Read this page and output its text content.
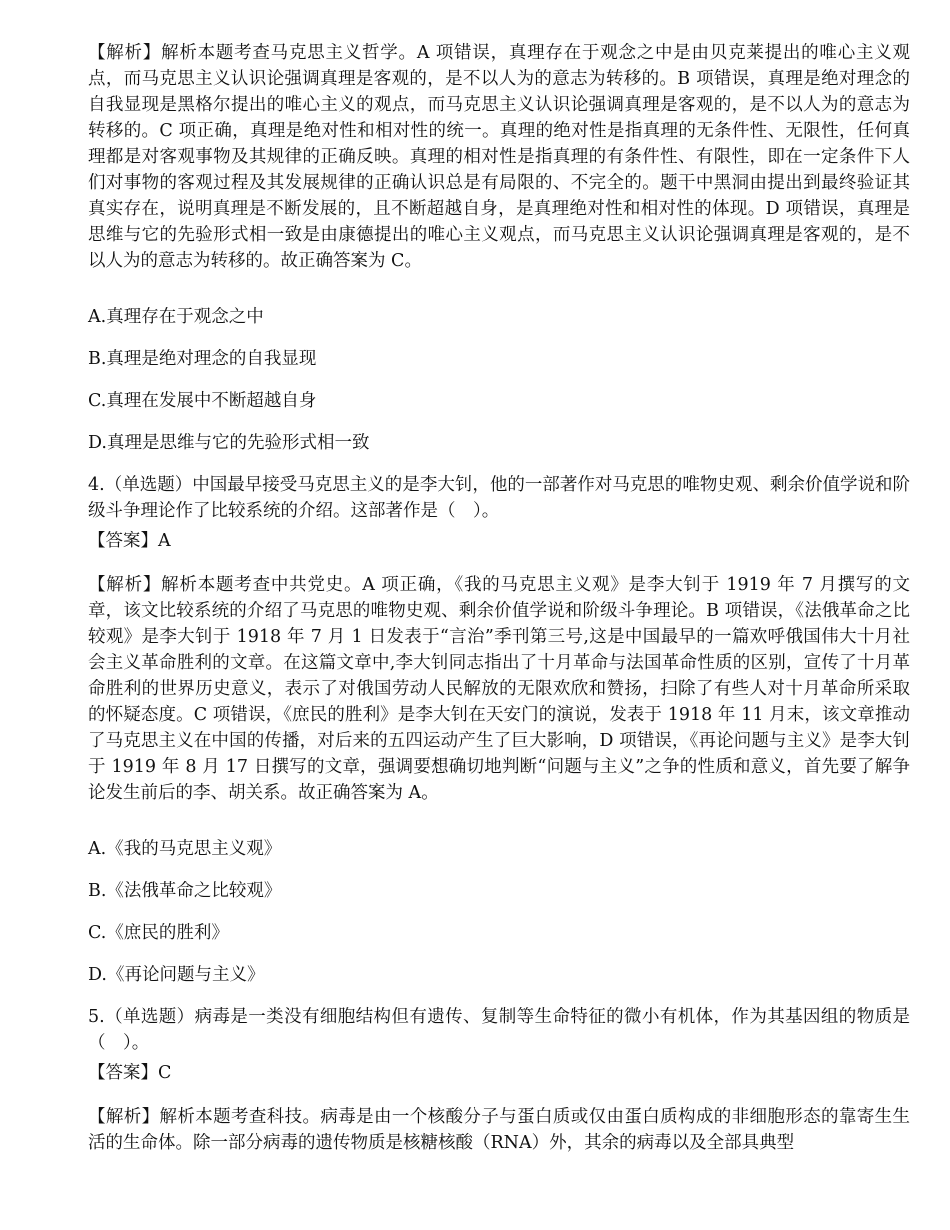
【解析】解析本题考查马克思主义哲学。A 项错误，真理存在于观念之中是由贝克莱提出的唯心主义观点，而马克思主义认识论强调真理是客观的，是不以人为的意志为转移的。B 项错误，真理是绝对理念的自我显现是黑格尔提出的唯心主义的观点，而马克思主义认识论强调真理是客观的，是不以人为的意志为转移的。C 项正确，真理是绝对性和相对性的统一。真理的绝对性是指真理的无条件性、无限性，任何真理都是对客观事物及其规律的正确反映。真理的相对性是指真理的有条件性、有限性，即在一定条件下人们对事物的客观过程及其发展规律的正确认识总是有局限的、不完全的。题干中黑洞由提出到最终验证其真实存在，说明真理是不断发展的，且不断超越自身，是真理绝对性和相对性的体现。D 项错误，真理是思维与它的先验形式相一致是由康德提出的唯心主义观点，而马克思主义认识论强调真理是客观的，是不以人为的意志为转移的。故正确答案为 C。

A.真理存在于观念之中

B.真理是绝对理念的自我显现

C.真理在发展中不断超越自身

D.真理是思维与它的先验形式相一致

4.（单选题）中国最早接受马克思主义的是李大钊，他的一部著作对马克思的唯物史观、剩余价值学说和阶级斗争理论作了比较系统的介绍。这部著作是（　）。

【答案】A

【解析】解析本题考查中共党史。A 项正确，《我的马克思主义观》是李大钊于 1919 年 7 月撰写的文章，该文比较系统的介绍了马克思的唯物史观、剩余价值学说和阶级斗争理论。B 项错误，《法俄革命之比较观》是李大钊于 1918 年 7 月 1 日发表于“言治”季刊第三号,这是中国最早的一篇欢呼俄国伟大十月社会主义革命胜利的文章。在这篇文章中,李大钊同志指出了十月革命与法国革命性质的区别，宣传了十月革命胜利的世界历史意义，表示了对俄国劳动人民解放的无限欢欣和赞扬，扫除了有些人对十月革命所采取的怀疑态度。C 项错误，《庶民的胜利》是李大钊在天安门的演说，发表于 1918 年 11 月末，该文章推动了马克思主义在中国的传播，对后来的五四运动产生了巨大影响，D 项错误，《再论问题与主义》是李大钊于 1919 年 8 月 17 日撰写的文章，强调要想确切地判断“问题与主义”之争的性质和意义，首先要了解争论发生前后的李、胡关系。故正确答案为 A。

A.《我的马克思主义观》

B.《法俄革命之比较观》

C.《庶民的胜利》

D.《再论问题与主义》

5.（单选题）病毒是一类没有细胞结构但有遗传、复制等生命特征的微小有机体，作为其基因组的物质是（　）。

【答案】C

【解析】解析本题考查科技。病毒是由一个核酸分子与蛋白质或仅由蛋白质构成的非细胞形态的靠寄生生活的生命体。除一部分病毒的遗传物质是核糖核酸（RNA）外，其余的病毒以及全部具典型
